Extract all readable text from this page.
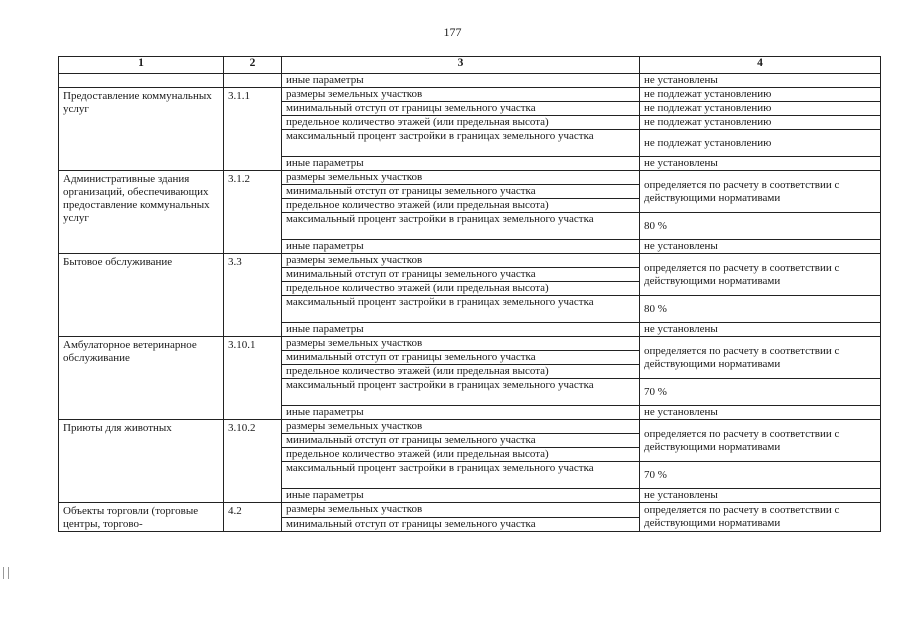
177
1	2	3	4
		иные параметры	не установлены
Предоставление коммунальных услуг	3.1.1	размеры земельных участков	не подлежат установлению
		минимальный отступ от границы земельного участка	не подлежат установлению
		предельное количество этажей (или предельная высота)	не подлежат установлению
		максимальный процент застройки в границах земельного участка	не подлежат установлению
		иные параметры	не установлены

Административные здания организаций, обеспечивающих предоставление коммунальных услуг	3.1.2	размеры земельных участков	определяется по расчету в соответствии с действующими нормативами
		минимальный отступ от границы земельного участка	
		предельное количество этажей (или предельная высота)	
		максимальный процент застройки в границах земельного участка	80 %
		иные параметры	не установлены
Бытовое обслуживание	3.3	размеры земельных участков	определяется по расчету в соответствии с действующими нормативами
		минимальный отступ от границы земельного участка	
		предельное количество этажей (или предельная высота)	
		максимальный процент застройки в границах земельного участка	80 %
		иные параметры	не установлены
Амбулаторное ветеринарное обслуживание	3.10.1	размеры земельных участков	определяется по расчету в соответствии с действующими нормативами
		минимальный отступ от границы земельного участка	
		предельное количество этажей (или предельная высота)	
		максимальный процент застройки в границах земельного участка	70 %
		иные параметры	не установлены
Приюты для животных	3.10.2	размеры земельных участков	определяется по расчету в соответствии с действующими нормативами
		минимальный отступ от границы земельного участка	
		предельное количество этажей (или предельная высота)	
		максимальный процент застройки в границах земельного участка	70 %
		иные параметры	не установлены
Объекты торговли (торговые центры, торгово-	4.2	размеры земельных участков	определяется по расчету в соответствии с действующими нормативами
		минимальный отступ от границы земельного участка	
